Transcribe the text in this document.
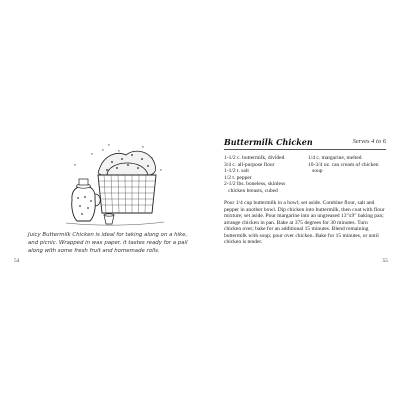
Juicy Buttermilk Chicken is ideal for taking along on a hike, and picnic. Wrapped in wax paper, it tastes ready for a pail along with some fresh fruit and homemade rolls.
54
Buttermilk Chicken	Serves 4 to 6
1-1/2 c. buttermilk, divided
3/4 c. all-purpose flour
1-1/2 t. salt
1/2 t. pepper
2-1/2 lbs. boneless, skinless
chicken breasts, cubed
1/4 c. margarine, melted
10-3/4 oz. can cream of chicken
soup
Pour 1/4 cup buttermilk in a bowl; set aside. Combine flour, salt and pepper in another bowl. Dip chicken into buttermilk, then coat with flour mixture; set aside. Pour margarine into an ungreased 13"x9" baking pan; arrange chicken in pan. Bake at 375 degrees for 30 minutes. Turn chicken over; bake for an additional 15 minutes. Blend remaining buttermilk with soup; pour over chicken. Bake for 15 minutes, or until chicken is tender.
55
